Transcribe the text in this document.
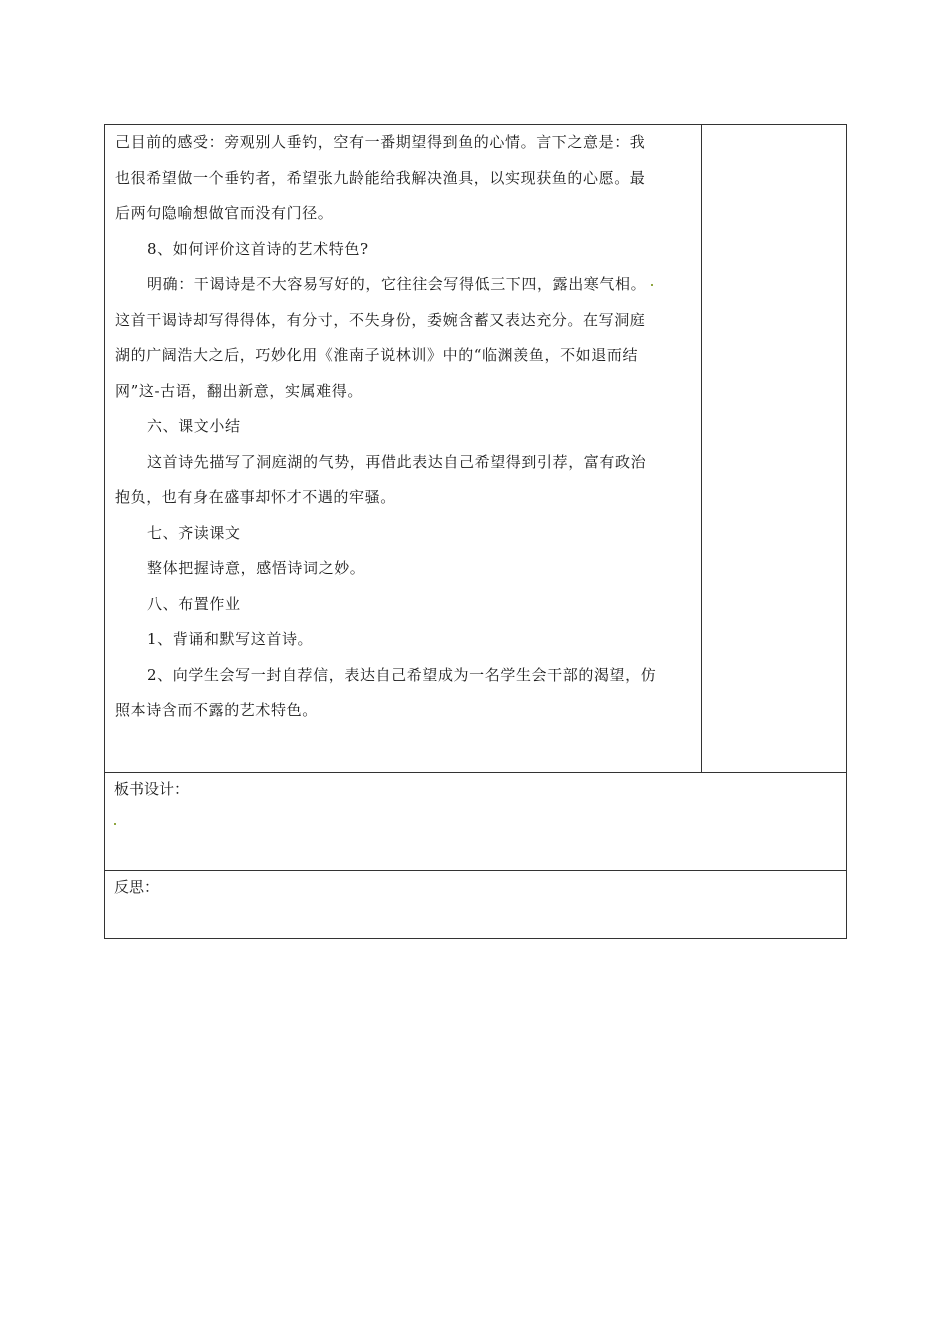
己目前的感受：旁观别人垂钓，空有一番期望得到鱼的心情。言下之意是：我

也很希望做一个垂钓者，希望张九龄能给我解决渔具，以实现获鱼的心愿。最

后两句隐喻想做官而没有门径。

8、如何评价这首诗的艺术特色?

明确：干谒诗是不大容易写好的，它往往会写得低三下四，露出寒气相。

这首干谒诗却写得得体，有分寸，不失身份，委婉含蓄又表达充分。在写洞庭

湖的广阔浩大之后，巧妙化用《淮南子说林训》中的“临渊羡鱼，不如退而结

网”这-古语，翻出新意，实属难得。

六、课文小结

这首诗先描写了洞庭湖的气势，再借此表达自己希望得到引荐，富有政治

抱负，也有身在盛事却怀才不遇的牢骚。

七、齐读课文

整体把握诗意，感悟诗词之妙。

八、布置作业

1、背诵和默写这首诗。

2、向学生会写一封自荐信，表达自己希望成为一名学生会干部的渴望，仿

照本诗含而不露的艺术特色。

板书设计：

反思：
